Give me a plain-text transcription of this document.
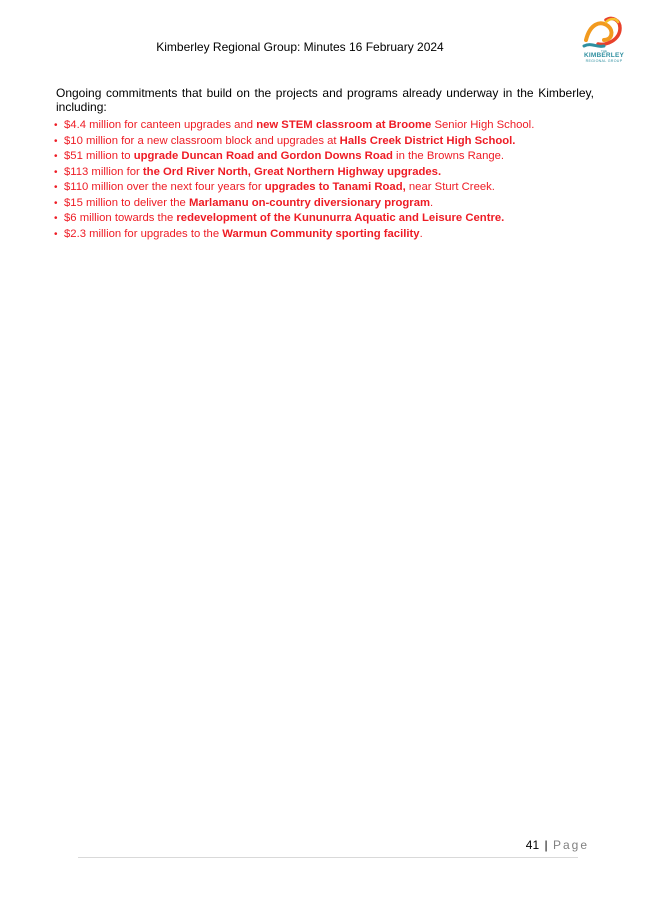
Kimberley Regional Group: Minutes 16 February 2024	THE
KIMBERLEY
REGIONAL GROUP
Ongoing commitments that build on the projects and programs already underway in the Kimberley, including:
• $4.4 million for canteen upgrades and new STEM classroom at Broome Senior High School.
• $10 million for a new classroom block and upgrades at Halls Creek District High School.
• $51 million to upgrade Duncan Road and Gordon Downs Road in the Browns Range.
• $113 million for the Ord River North, Great Northern Highway upgrades.
• $110 million over the next four years for upgrades to Tanami Road, near Sturt Creek.
• $15 million to deliver the Marlamanu on-country diversionary program.
• $6 million towards the redevelopment of the Kununurra Aquatic and Leisure Centre.
• $2.3 million for upgrades to the Warmun Community sporting facility.
41 | Page
